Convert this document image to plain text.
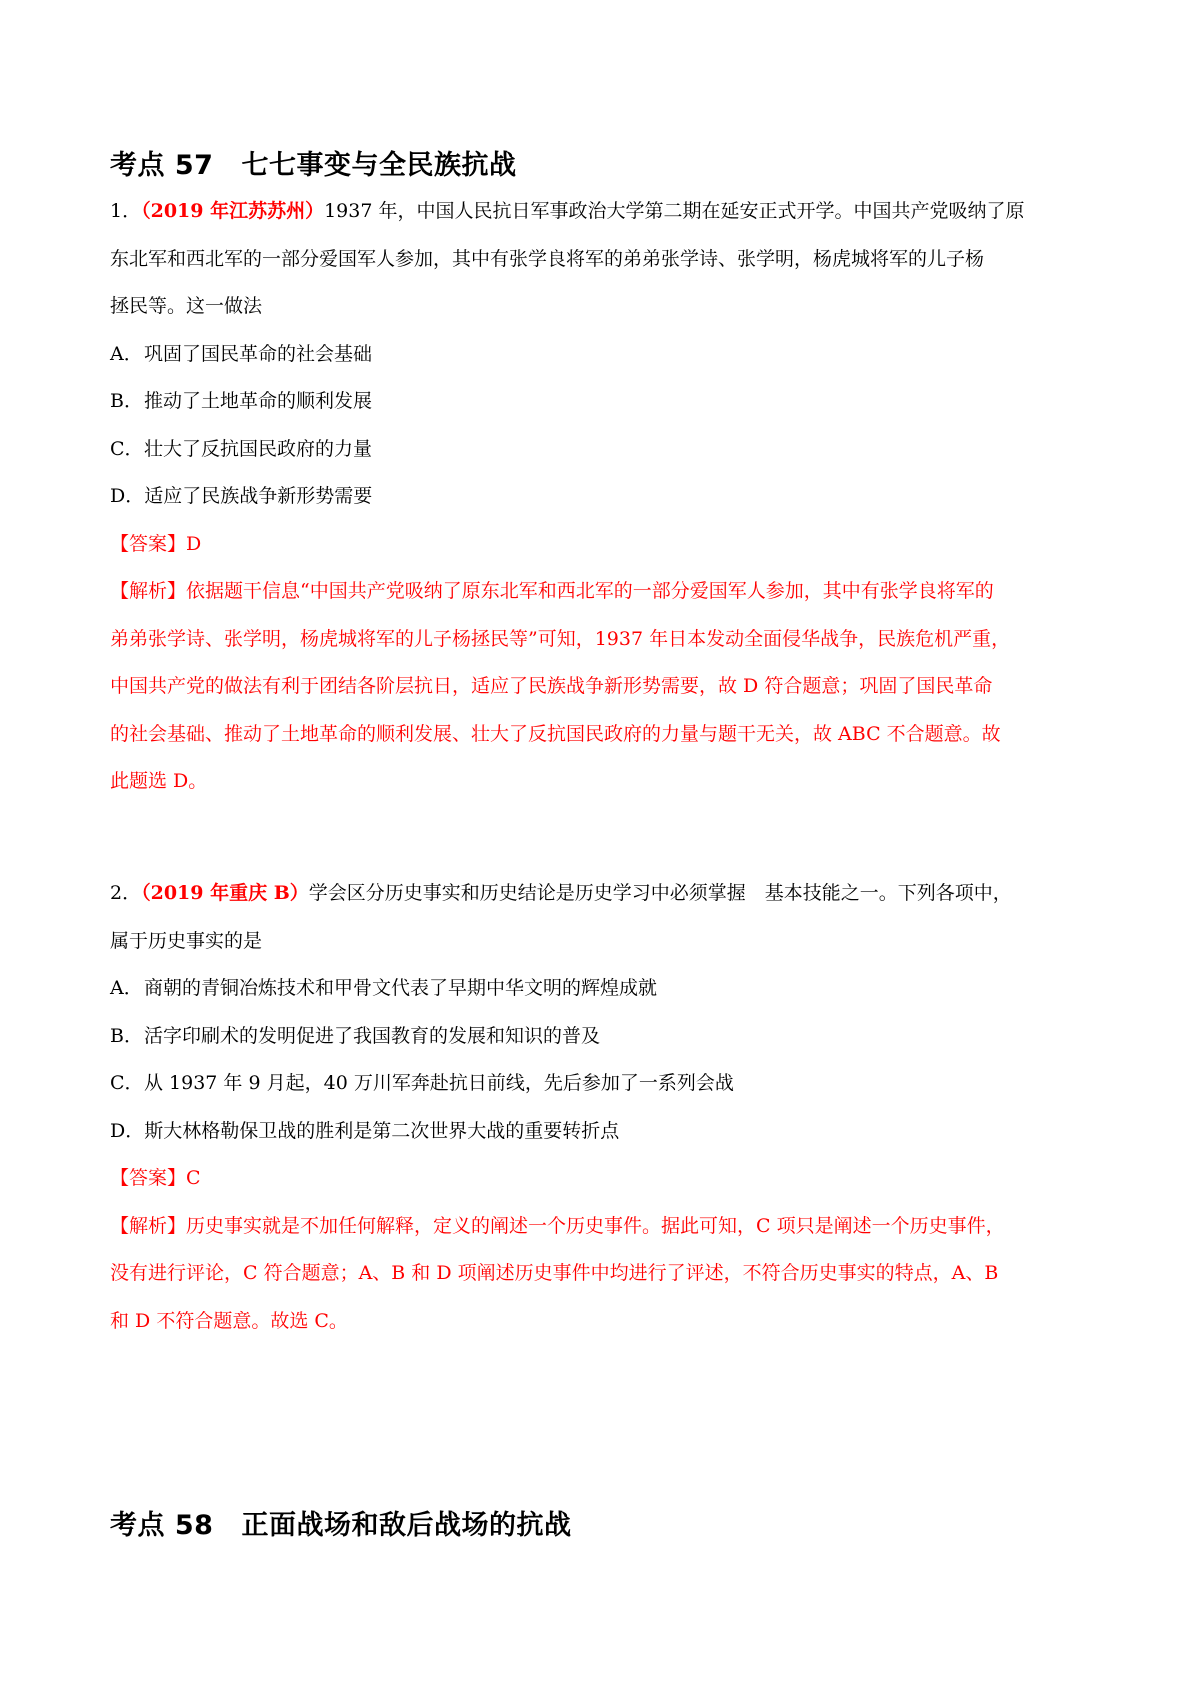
考点 57 七七事变与全民族抗战
1．（2019 年江苏苏州）1937 年，中国人民抗日军事政治大学第二期在延安正式开学。中国共产党吸纳了原
东北军和西北军的一部分爱国军人参加，其中有张学良将军的弟弟张学诗、张学明，杨虎城将军的儿子杨
拯民等。这一做法
A．巩固了国民革命的社会基础
B．推动了土地革命的顺利发展
C．壮大了反抗国民政府的力量
D．适应了民族战争新形势需要
【答案】D
【解析】依据题干信息“中国共产党吸纳了原东北军和西北军的一部分爱国军人参加，其中有张学良将军的
弟弟张学诗、张学明，杨虎城将军的儿子杨拯民等”可知，1937 年日本发动全面侵华战争，民族危机严重，
中国共产党的做法有利于团结各阶层抗日，适应了民族战争新形势需要，故 D 符合题意；巩固了国民革命
的社会基础、推动了土地革命的顺利发展、壮大了反抗国民政府的力量与题干无关，故 ABC 不合题意。故
此题选 D。
2．（2019 年重庆 B）学会区分历史事实和历史结论是历史学习中必须掌握　基本技能之一。下列各项中，
属于历史事实的是
A．商朝的青铜冶炼技术和甲骨文代表了早期中华文明的辉煌成就
B．活字印刷术的发明促进了我国教育的发展和知识的普及
C．从 1937 年 9 月起，40 万川军奔赴抗日前线，先后参加了一系列会战
D．斯大林格勒保卫战的胜利是第二次世界大战的重要转折点
【答案】C
【解析】历史事实就是不加任何解释，定义的阐述一个历史事件。据此可知，C 项只是阐述一个历史事件，
没有进行评论，C 符合题意；A、B 和 D 项阐述历史事件中均进行了评述，不符合历史事实的特点，A、B
和 D 不符合题意。故选 C。
考点 58 正面战场和敌后战场的抗战
